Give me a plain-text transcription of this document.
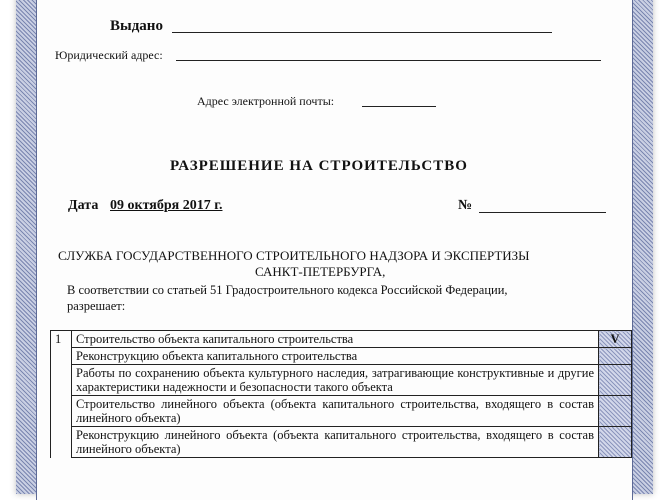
Выдано
Юридический адрес:
Адрес электронной почты:
РАЗРЕШЕНИЕ НА СТРОИТЕЛЬСТВО
Дата 09 октября 2017 г.	№
СЛУЖБА ГОСУДАРСТВЕННОГО СТРОИТЕЛЬНОГО НАДЗОРА И ЭКСПЕРТИЗЫ
САНКТ-ПЕТЕРБУРГА,
В соответствии со статьей 51 Градостроительного кодекса Российской Федерации,
разрешает:
1	Строительство объекта капитального строительства	V
	Реконструкцию объекта капитального строительства	
	Работы по сохранению объекта культурного наследия, затрагивающие конструктивные и другие характеристики надежности и безопасности такого объекта	
	Строительство линейного объекта (объекта капитального строительства, входящего в состав линейного объекта)	
	Реконструкцию линейного объекта (объекта капитального строительства, входящего в состав линейного объекта)	
